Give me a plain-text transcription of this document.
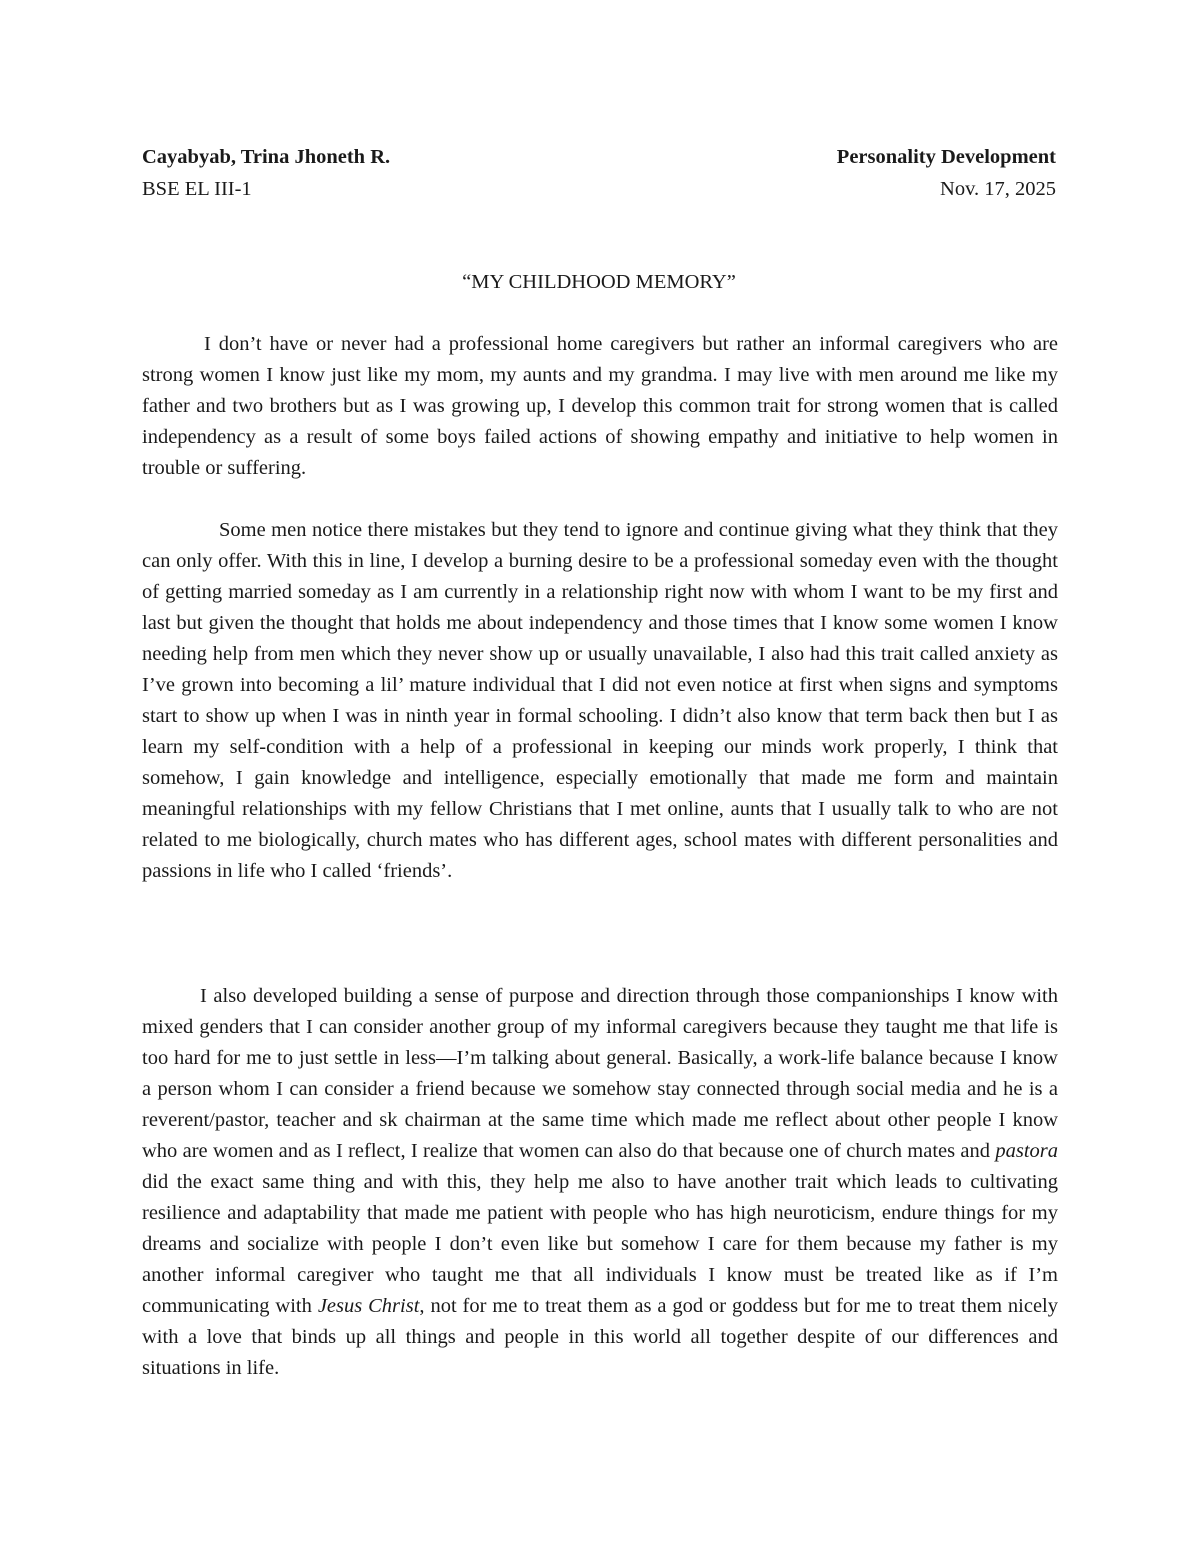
Cayabyab, Trina Jhoneth R.	Personality Development
BSE EL III-1	Nov. 17, 2025
“MY CHILDHOOD MEMORY”

I don’t have or never had a professional home caregivers but rather an informal caregivers who are strong women I know just like my mom, my aunts and my grandma. I may live with men around me like my father and two brothers but as I was growing up, I develop this common trait for strong women that is called independency as a result of some boys failed actions of showing empathy and initiative to help women in trouble or suffering.

Some men notice there mistakes but they tend to ignore and continue giving what they think that they can only offer. With this in line, I develop a burning desire to be a professional someday even with the thought of getting married someday as I am currently in a relationship right now with whom I want to be my first and last but given the thought that holds me about independency and those times that I know some women I know needing help from men which they never show up or usually unavailable, I also had this trait called anxiety as I’ve grown into becoming a lil’ mature individual that I did not even notice at first when signs and symptoms start to show up when I was in ninth year in formal schooling. I didn’t also know that term back then but I as learn my self-condition with a help of a professional in keeping our minds work properly, I think that somehow, I gain knowledge and intelligence, especially emotionally that made me form and maintain meaningful relationships with my fellow Christians that I met online, aunts that I usually talk to who are not related to me biologically, church mates who has different ages, school mates with different personalities and passions in life who I called ‘friends’.

I also developed building a sense of purpose and direction through those companionships I know with mixed genders that I can consider another group of my informal caregivers because they taught me that life is too hard for me to just settle in less—I’m talking about general. Basically, a work-life balance because I know a person whom I can consider a friend because we somehow stay connected through social media and he is a reverent/pastor, teacher and sk chairman at the same time which made me reflect about other people I know who are women and as I reflect, I realize that women can also do that because one of church mates and pastora did the exact same thing and with this, they help me also to have another trait which leads to cultivating resilience and adaptability that made me patient with people who has high neuroticism, endure things for my dreams and socialize with people I don’t even like but somehow I care for them because my father is my another informal caregiver who taught me that all individuals I know must be treated like as if I’m communicating with Jesus Christ, not for me to treat them as a god or goddess but for me to treat them nicely with a love that binds up all things and people in this world all together despite of our differences and situations in life.
